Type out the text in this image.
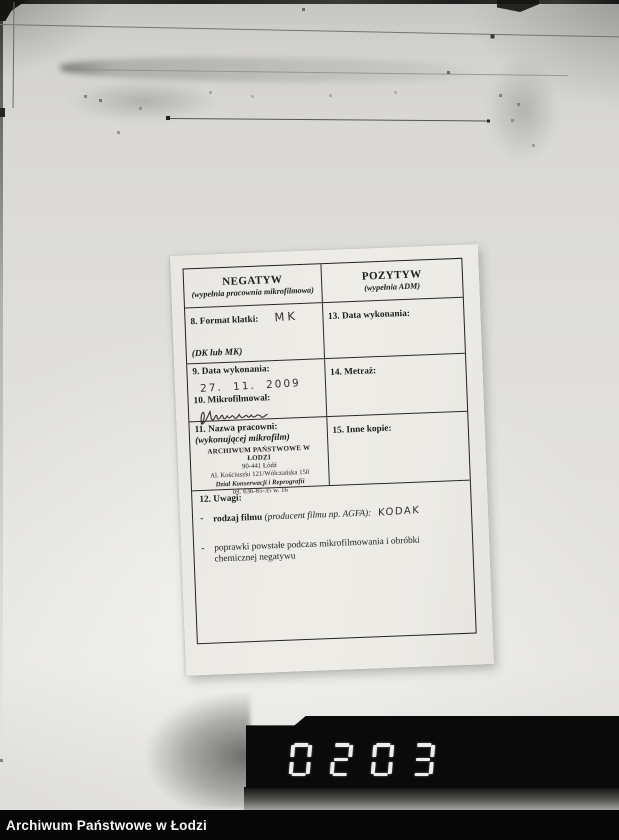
NEGATYW
(wypełnia pracownia mikrofilmowa)
POZYTYW
(wypełnia ADM)
8. Format klatki: MK
(DK lub MK)
13. Data wykonania:
9. Data wykonania:
27. 11. 2009
10. Mikrofilmował:
14. Metraż:
11. Nazwa pracowni:
(wykonującej mikrofilm)
ARCHIWUM PAŃSTWOWE W ŁODZI
90-441 Łódź
Al. Kościuszki 121/Wólczańska 150
Dział Konserwacji i Reprografii
tel. 636-85-35 w. 16
15. Inne kopie:
12. Uwagi:
-	rodzaj filmu (producent filmu np. AGFA): KODAK
-	poprawki powstałe podczas mikrofilmowania i obróbki chemicznej negatywu
Archiwum Państwowe w Łodzi
